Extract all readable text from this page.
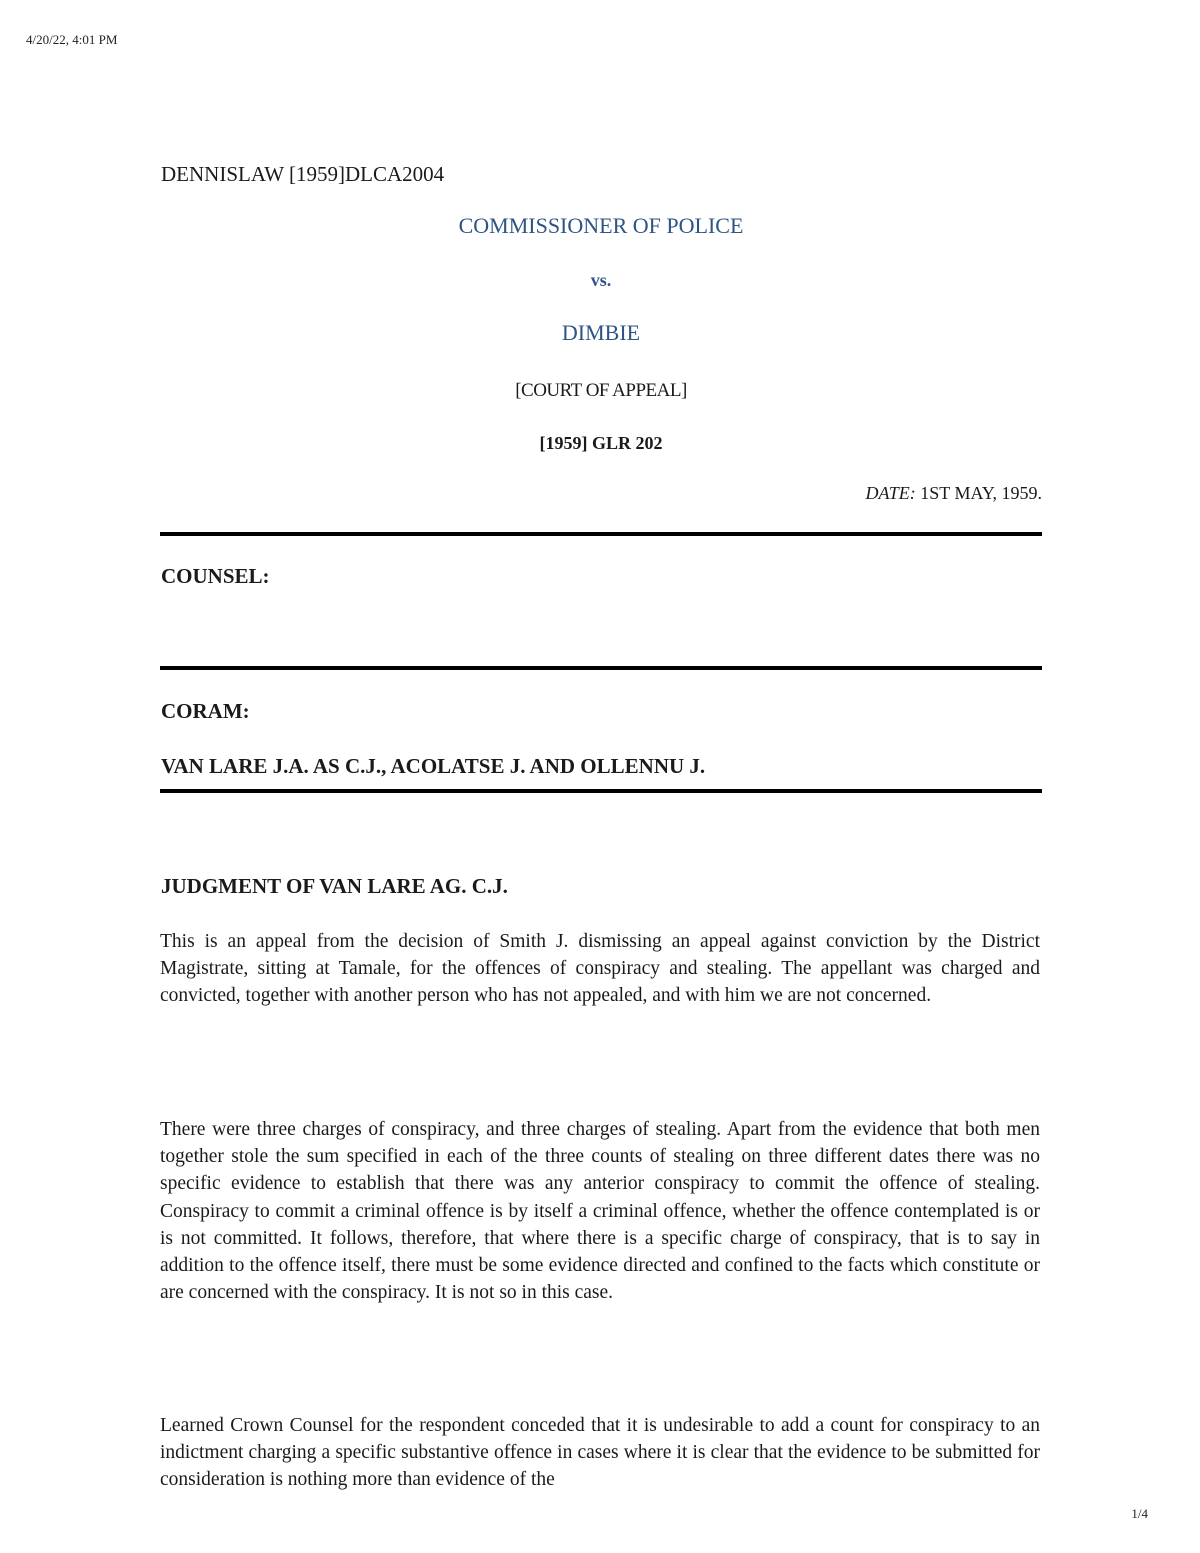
4/20/22, 4:01 PM
DENNISLAW [1959]DLCA2004
COMMISSIONER OF POLICE
vs.
DIMBIE
[COURT OF APPEAL]
[1959] GLR 202
DATE: 1ST MAY, 1959.
COUNSEL:
CORAM:
VAN LARE J.A. AS C.J., ACOLATSE J. AND OLLENNU J.
JUDGMENT OF VAN LARE AG. C.J.
This is an appeal from the decision of Smith J. dismissing an appeal against conviction by the District Magistrate, sitting at Tamale, for the offences of conspiracy and stealing. The appellant was charged and convicted, together with another person who has not appealed, and with him we are not concerned.
There were three charges of conspiracy, and three charges of stealing. Apart from the evidence that both men together stole the sum specified in each of the three counts of stealing on three different dates there was no specific evidence to establish that there was any anterior conspiracy to commit the offence of stealing. Conspiracy to commit a criminal offence is by itself a criminal offence, whether the offence contemplated is or is not committed. It follows, therefore, that where there is a specific charge of conspiracy, that is to say in addition to the offence itself, there must be some evidence directed and confined to the facts which constitute or are concerned with the conspiracy. It is not so in this case.
Learned Crown Counsel for the respondent conceded that it is undesirable to add a count for conspiracy to an indictment charging a specific substantive offence in cases where it is clear that the evidence to be submitted for consideration is nothing more than evidence of the
1/4
